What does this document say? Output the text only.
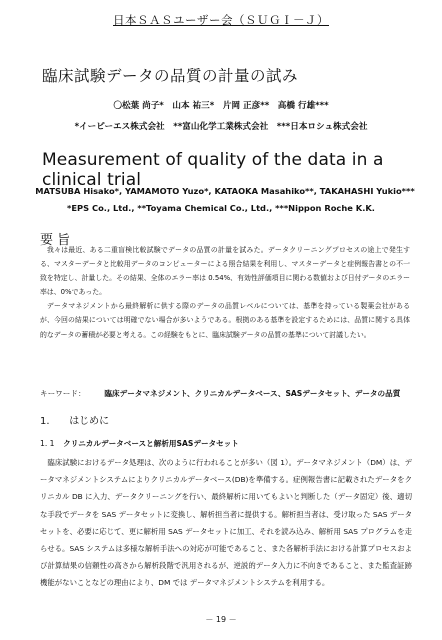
日本ＳＡＳユーザー会（ＳＵＧＩ－Ｊ）
臨床試験データの品質の計量の試み
〇松葉 尚子*　山本 祐三*　片岡 正彦**　高橋 行雄***
*イーピーエス株式会社　**富山化学工業株式会社　***日本ロシュ株式会社
Measurement of quality of the data in a clinical trial
MATSUBA Hisako*, YAMAMOTO Yuzo*, KATAOKA Masahiko**, TAKAHASHI Yukio***
*EPS Co., Ltd., **Toyama Chemical Co., Ltd., ***Nippon Roche K.K.
要 旨

我々は最近、ある二重盲検比較試験でデータの品質の計量を試みた。データクリーニングプロセスの途上で発生する、マスターデータと比較用データのコンピューターによる照合結果を利用し、マスターデータと症例報告書との不一致を特定し、計量した。その結果、全体のエラー率は 0.54%、有効性評価項目に関わる数値および日付データのエラー率は、0%であった。

データマネジメントから最終解析に供する際のデータの品質レベルについては、基準を持っている製薬会社があるが、今回の結果については明確でない場合が多いようである。根拠のある基準を設定するためには、品質に関する具体的なデータの蓄積が必要と考える。この経験をもとに、臨床試験データの品質の基準について討議したい。

キーワード： 臨床データマネジメント、クリニカルデータベース、SASデータセット、データの品質
1. はじめに
1. 1 クリニカルデータベースと解析用SASデータセット

臨床試験におけるデータ処理は、次のように行われることが多い（図 1）。データマネジメント（DM）は、データマネジメントシステムによりクリニカルデータベース(DB)を準備する。症例報告書に記載されたデータをクリニカル DB に入力、データクリーニングを行い、最終解析に用いてもよいと判断した（データ固定）後、適切な手段でデータを SAS データセットに変換し、解析担当者に提供する。解析担当者は、受け取った SAS データセットを、必要に応じて、更に解析用 SAS データセットに加工、それを読み込み、解析用 SAS プログラムを走らせる。SAS システムは多様な解析手法への対応が可能であること、また各解析手法における計算プロセスおよび計算結果の信頼性の高さから解析段階で汎用されるが、逆説的データ入力に不向きであること、また監査証跡機能がないことなどの理由により、DM では データマネジメントシステムを利用する。

－ 19 －
